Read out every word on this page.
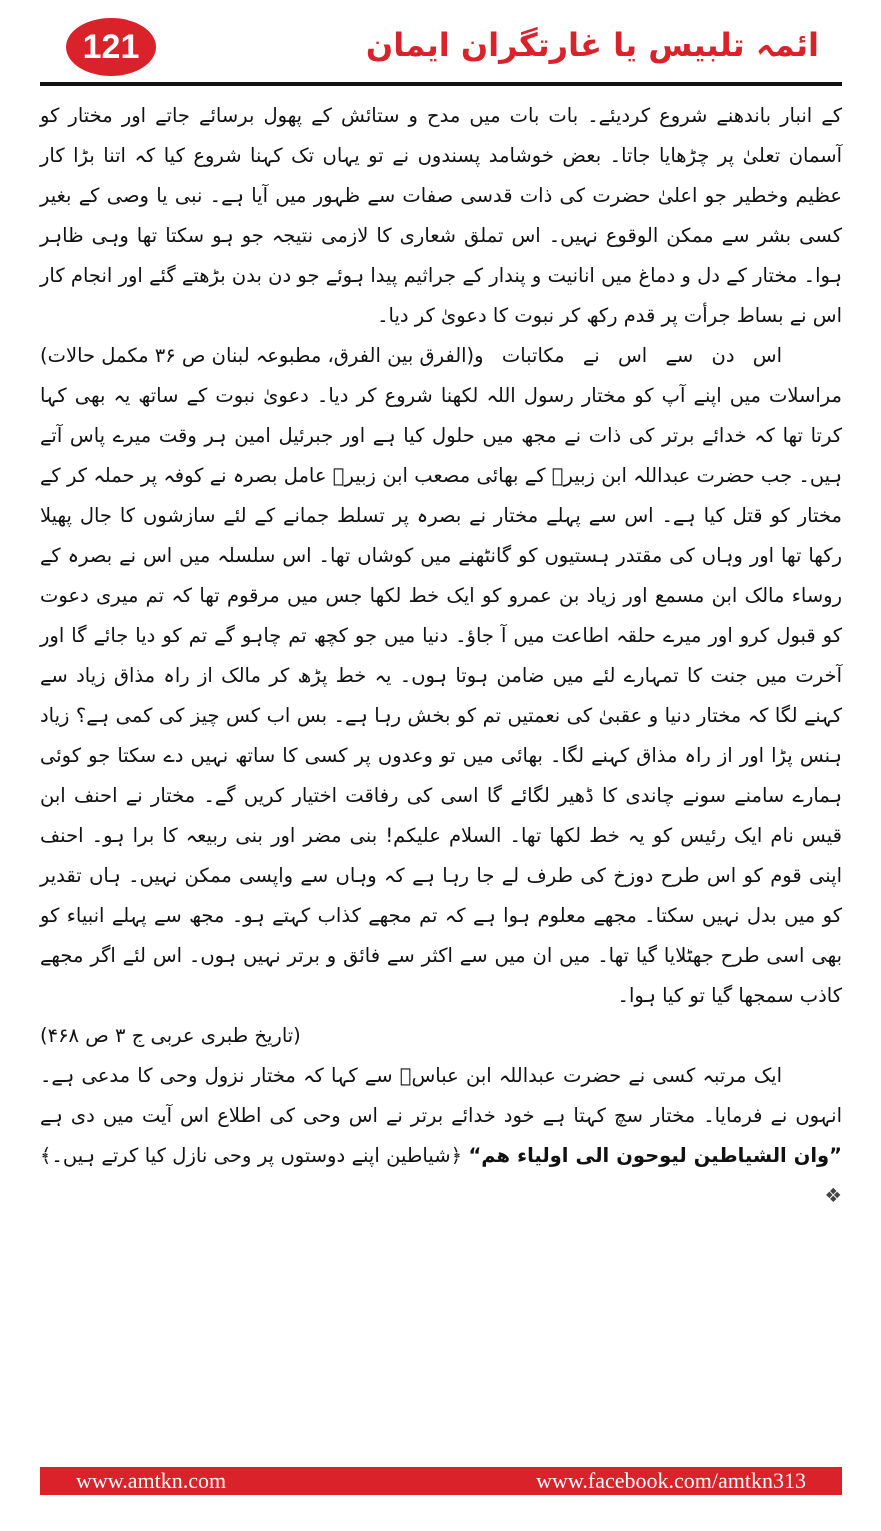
121	ائمہ تلبیس یا غارتگران ایمان

کے انبار باندھنے شروع کردیئے۔ بات بات میں مدح و ستائش کے پھول برسائے جاتے اور مختار کو آسمان تعلیٰ پر چڑھایا جاتا۔ بعض خوشامد پسندوں نے تو یہاں تک کہنا شروع کیا کہ اتنا بڑا کار عظیم وخطیر جو اعلیٰ حضرت کی ذات قدسی صفات سے ظہور میں آیا ہے۔ نبی یا وصی کے بغیر کسی بشر سے ممکن الوقوع نہیں۔ اس تملق شعاری کا لازمی نتیجہ جو ہو سکتا تھا وہی ظاہر ہوا۔ مختار کے دل و دماغ میں انانیت و پندار کے جراثیم پیدا ہوئے جو دن بدن بڑھتے گئے اور انجام کار اس نے بساط جرأت پر قدم رکھ کر نبوت کا دعویٰ کر دیا۔
(الفرق بین الفرق، مطبوعہ لبنان ص ۳۶ مکمل حالات) اس دن سے اس نے مکاتبات و مراسلات میں اپنے آپ کو مختار رسول اللہ لکھنا شروع کر دیا۔ دعویٰ نبوت کے ساتھ یہ بھی کہا کرتا تھا کہ خدائے برتر کی ذات نے مجھ میں حلول کیا ہے اور جبرئیل امین ہر وقت میرے پاس آتے ہیں۔ جب حضرت عبداللہ ابن زبیرؓ کے بھائی مصعب ابن زبیرؓ عامل بصرہ نے کوفہ پر حملہ کر کے مختار کو قتل کیا ہے۔ اس سے پہلے مختار نے بصرہ پر تسلط جمانے کے لئے سازشوں کا جال پھیلا رکھا تھا اور وہاں کی مقتدر ہستیوں کو گانٹھنے میں کوشاں تھا۔ اس سلسلہ میں اس نے بصرہ کے روساء مالک ابن مسمع اور زیاد بن عمرو کو ایک خط لکھا جس میں مرقوم تھا کہ تم میری دعوت کو قبول کرو اور میرے حلقہ اطاعت میں آ جاؤ۔ دنیا میں جو کچھ تم چاہو گے تم کو دیا جائے گا اور آخرت میں جنت کا تمہارے لئے میں ضامن ہوتا ہوں۔ یہ خط پڑھ کر مالک از راہ مذاق زیاد سے کہنے لگا کہ مختار دنیا و عقبیٰ کی نعمتیں تم کو بخش رہا ہے۔ بس اب کس چیز کی کمی ہے؟ زیاد ہنس پڑا اور از راہ مذاق کہنے لگا۔ بھائی میں تو وعدوں پر کسی کا ساتھ نہیں دے سکتا جو کوئی ہمارے سامنے سونے چاندی کا ڈھیر لگائے گا اسی کی رفاقت اختیار کریں گے۔ مختار نے احنف ابن قیس نام ایک رئیس کو یہ خط لکھا تھا۔ السلام علیکم! بنی مضر اور بنی ربیعہ کا برا ہو۔ احنف اپنی قوم کو اس طرح دوزخ کی طرف لے جا رہا ہے کہ وہاں سے واپسی ممکن نہیں۔ ہاں تقدیر کو میں بدل نہیں سکتا۔ مجھے معلوم ہوا ہے کہ تم مجھے کذاب کہتے ہو۔ مجھ سے پہلے انبیاء کو بھی اسی طرح جھٹلایا گیا تھا۔ میں ان میں سے اکثر سے فائق و برتر نہیں ہوں۔ اس لئے اگر مجھے کاذب سمجھا گیا تو کیا ہوا۔

(تاریخ طبری عربی ج ۳ ص ۴۶۸)

ایک مرتبہ کسی نے حضرت عبداللہ ابن عباسؓ سے کہا کہ مختار نزول وحی کا مدعی ہے۔ انہوں نے فرمایا۔ مختار سچ کہتا ہے خود خدائے برتر نے اس وحی کی اطلاع اس آیت میں دی ہے ”وان الشیاطین لیوحون الی اولیاء ھم“ ﴿شیاطین اپنے دوستوں پر وحی نازل کیا کرتے ہیں۔﴾ ❖

www.amtkn.com	www.facebook.com/amtkn313
